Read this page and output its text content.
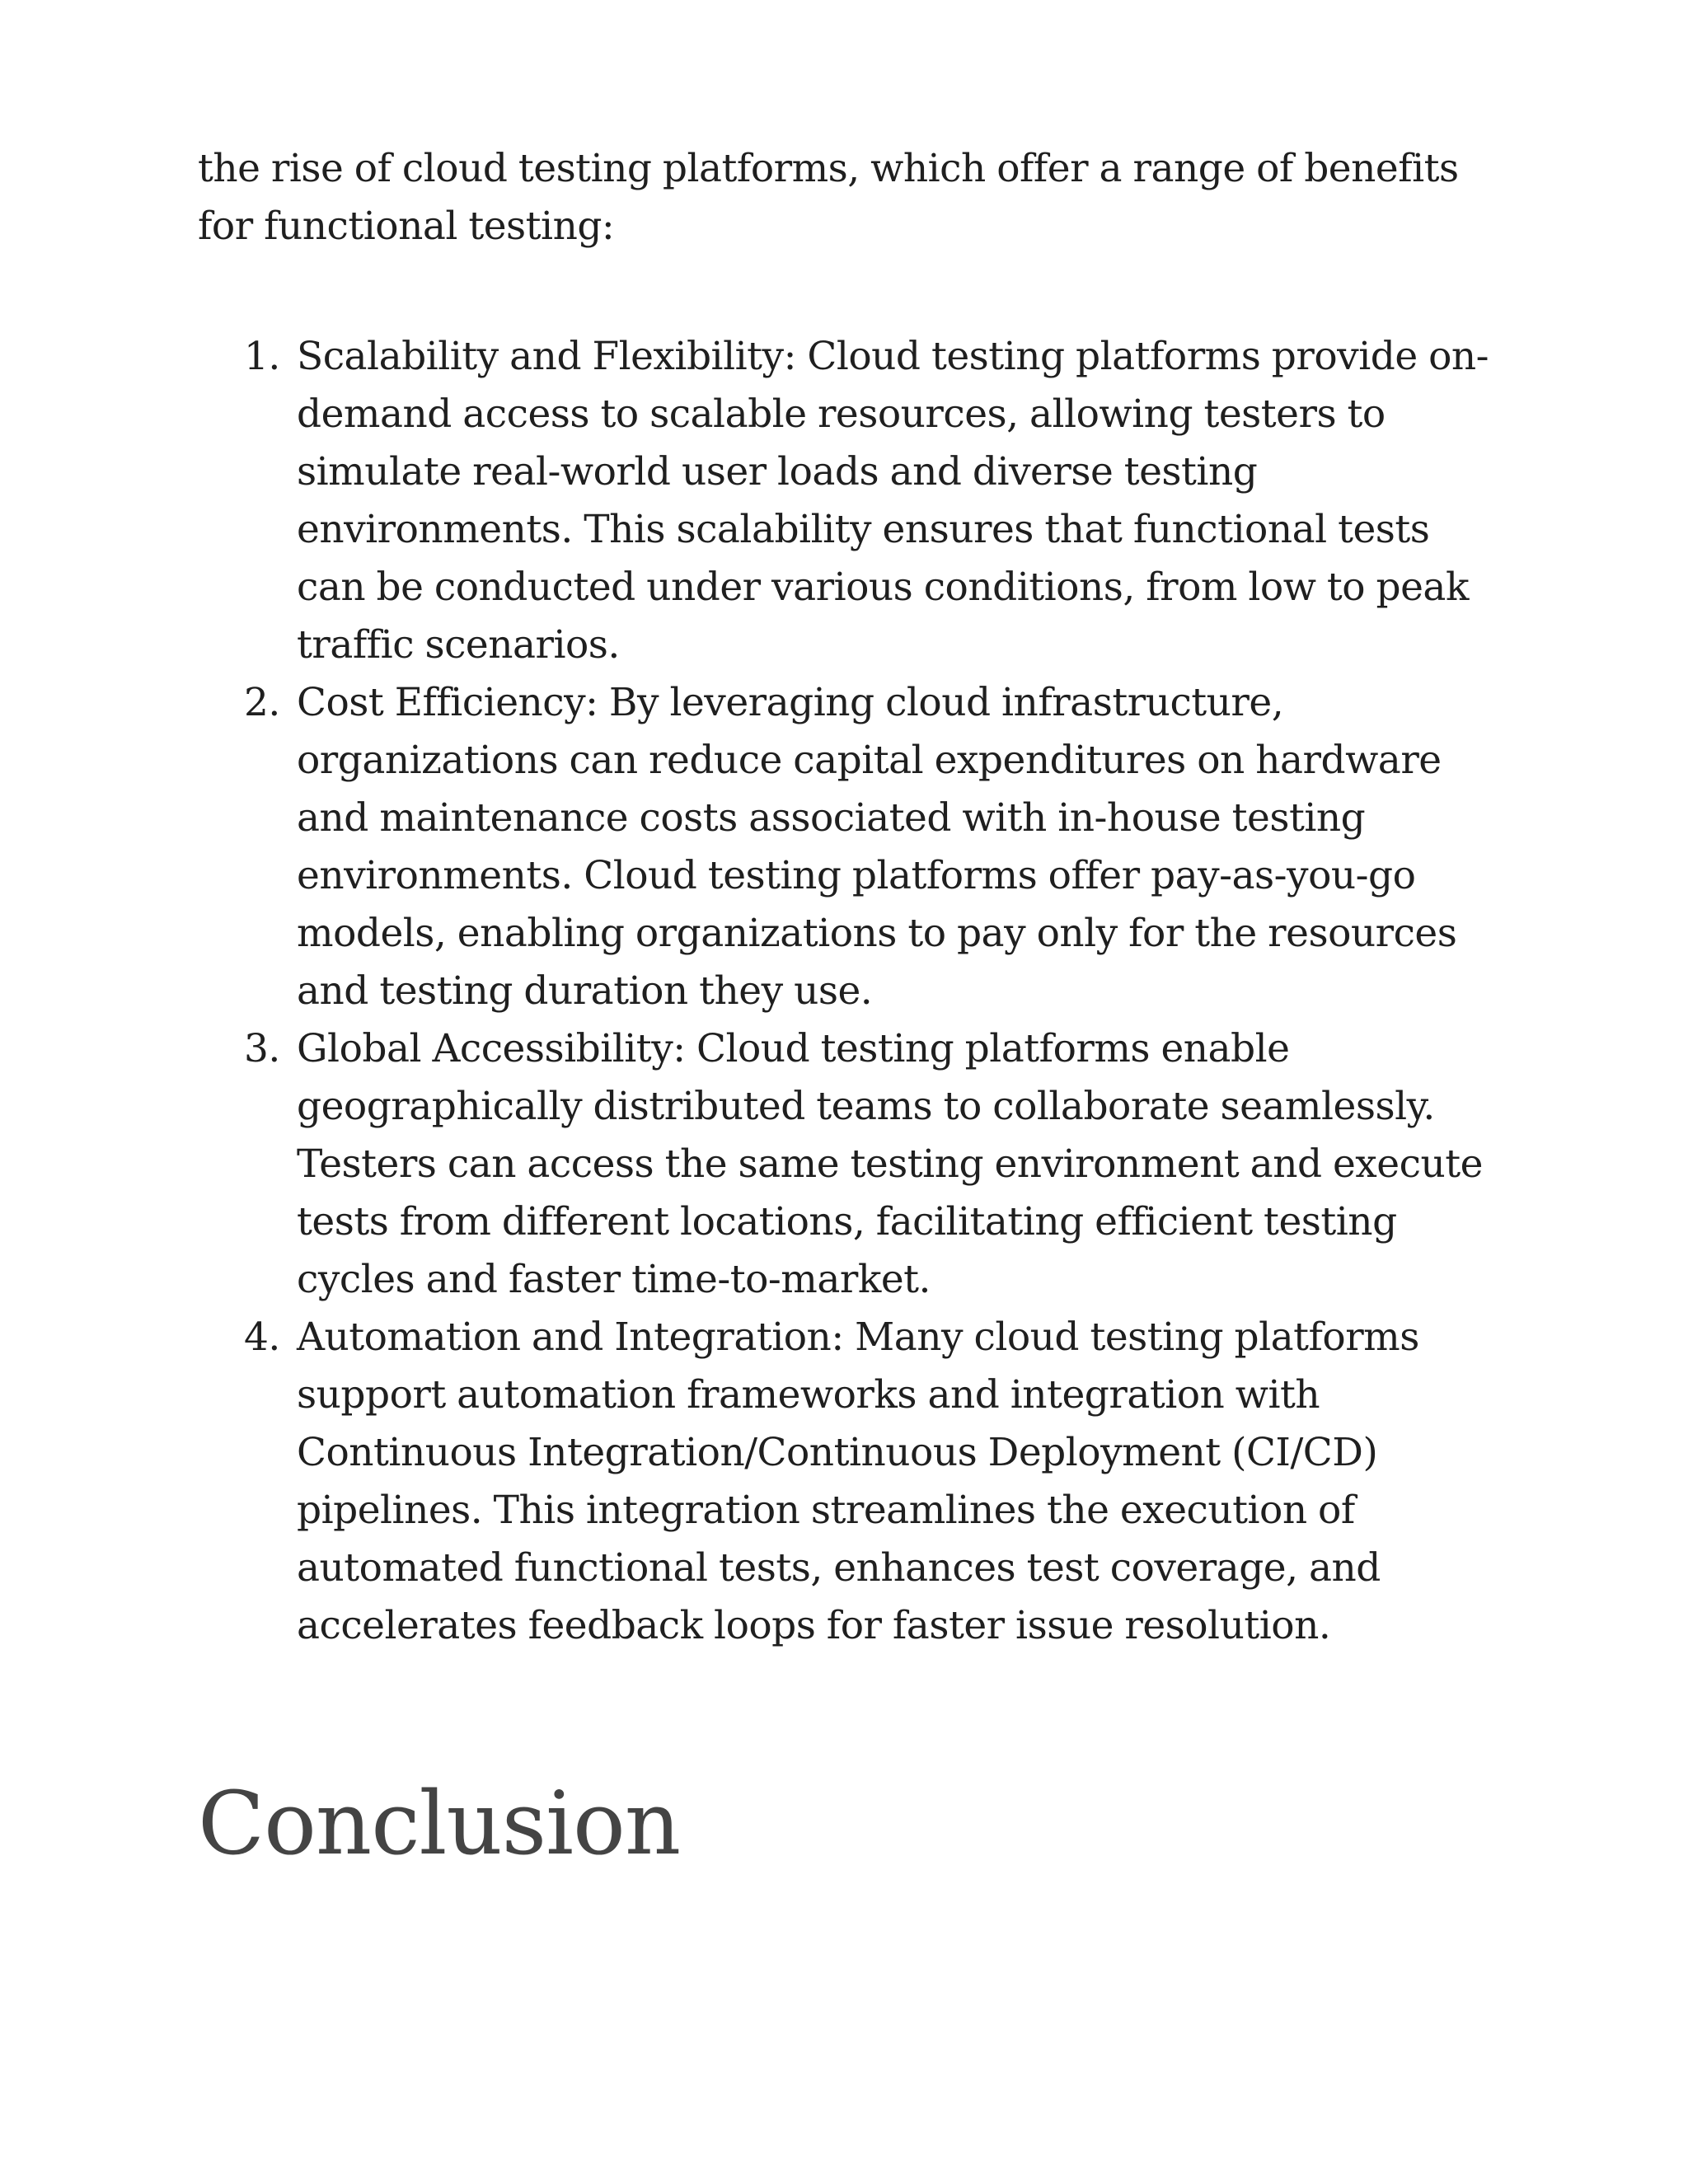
the rise of cloud testing platforms, which offer a range of benefits for functional testing:

1. Scalability and Flexibility: Cloud testing platforms provide on-demand access to scalable resources, allowing testers to simulate real-world user loads and diverse testing environments. This scalability ensures that functional tests can be conducted under various conditions, from low to peak traffic scenarios.
2. Cost Efficiency: By leveraging cloud infrastructure, organizations can reduce capital expenditures on hardware and maintenance costs associated with in-house testing environments. Cloud testing platforms offer pay-as-you-go models, enabling organizations to pay only for the resources and testing duration they use.
3. Global Accessibility: Cloud testing platforms enable geographically distributed teams to collaborate seamlessly. Testers can access the same testing environment and execute tests from different locations, facilitating efficient testing cycles and faster time-to-market.
4. Automation and Integration: Many cloud testing platforms support automation frameworks and integration with Continuous Integration/Continuous Deployment (CI/CD) pipelines. This integration streamlines the execution of automated functional tests, enhances test coverage, and accelerates feedback loops for faster issue resolution.
Conclusion
